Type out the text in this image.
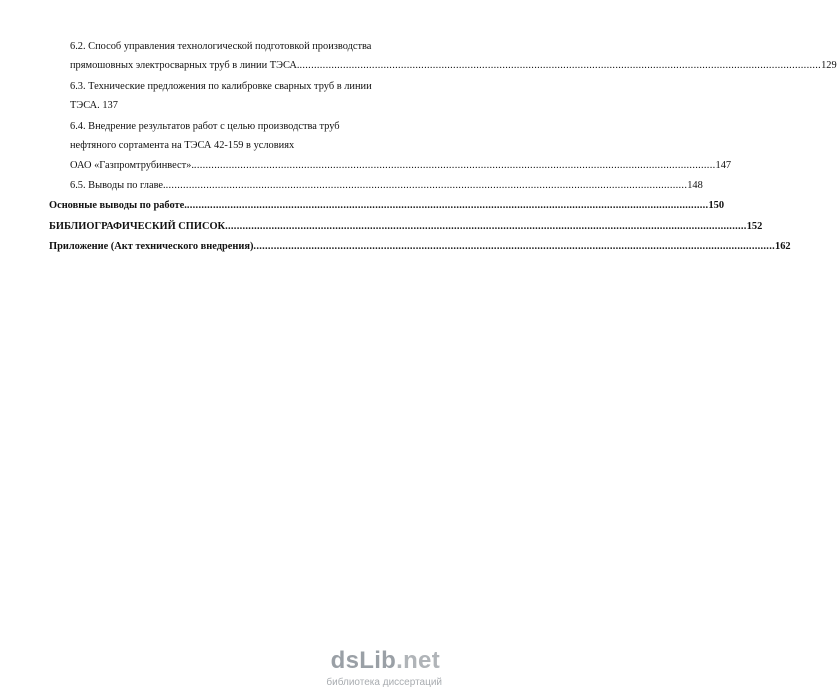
6.2. Способ управления технологической подготовкой производства
прямошовных электросварных труб в линии ТЭСА. .................................................................................................................................................................................... 129
6.3. Технические предложения по калибровке сварных труб в линии
ТЭСА. 137
6.4. Внедрение результатов работ с целью производства труб
нефтяного сортамента на ТЭСА 42-159 в условиях
ОАО «Газпромтрубинвест». .................................................................................................................................................................................... 147
6.5. Выводы по главе. .................................................................................................................................................................................... 148
Основные выводы по работе. .................................................................................................................................................................................... 150
БИБЛИОГРАФИЧЕСКИЙ СПИСОК .................................................................................................................................................................................... 152
Приложение (Акт технического внедрения) .................................................................................................................................................................................... 162
ds Lib .net
библиотека диссертаций
